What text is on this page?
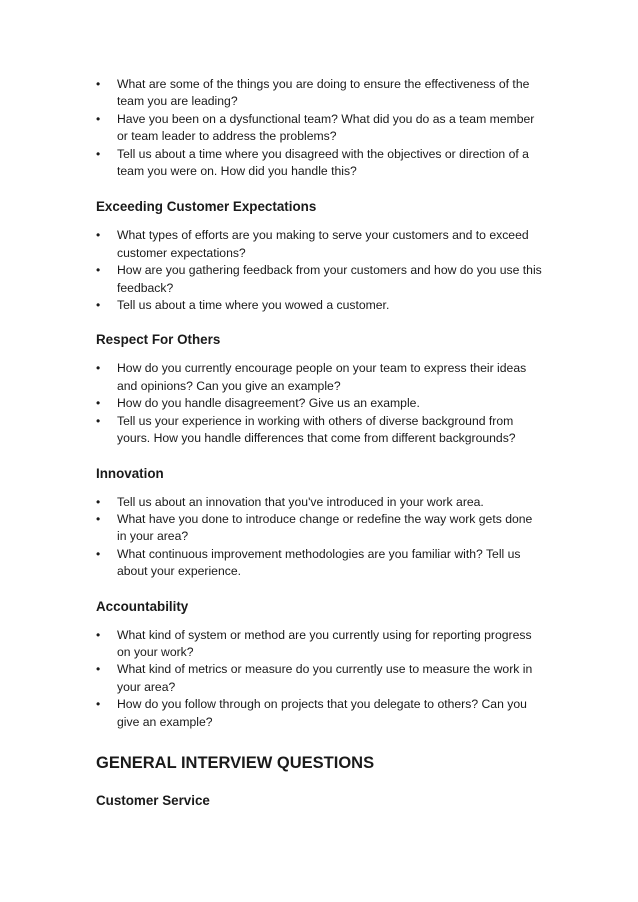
• What are some of the things you are doing to ensure the effectiveness of the team you are leading?
• Have you been on a dysfunctional team? What did you do as a team member or team leader to address the problems?
• Tell us about a time where you disagreed with the objectives or direction of a team you were on. How did you handle this?
Exceeding Customer Expectations
• What types of efforts are you making to serve your customers and to exceed customer expectations?
• How are you gathering feedback from your customers and how do you use this feedback?
• Tell us about a time where you wowed a customer.
Respect For Others
• How do you currently encourage people on your team to express their ideas and opinions? Can you give an example?
• How do you handle disagreement? Give us an example.
• Tell us your experience in working with others of diverse background from yours. How you handle differences that come from different backgrounds?
Innovation
• Tell us about an innovation that you've introduced in your work area.
• What have you done to introduce change or redefine the way work gets done in your area?
• What continuous improvement methodologies are you familiar with? Tell us about your experience.
Accountability
• What kind of system or method are you currently using for reporting progress on your work?
• What kind of metrics or measure do you currently use to measure the work in your area?
• How do you follow through on projects that you delegate to others? Can you give an example?
GENERAL INTERVIEW QUESTIONS
Customer Service
